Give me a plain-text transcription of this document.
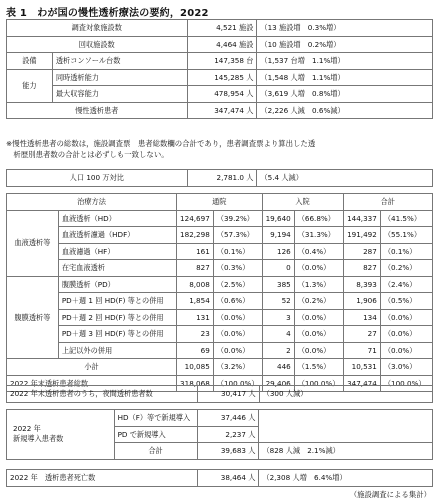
表 1　わが国の慢性透析療法の要約，2022
調査対象施設数		4,521 施設	（13 施設増　0.3%増）
回収施設数		4,464 施設	（10 施設増　0.2%増）
設備	透析コンソール台数	147,358 台	（1,537 台増　1.1%増）
能力	同時透析能力	145,285 人	（1,548 人増　1.1%増）
	最大収容能力	478,954 人	（3,619 人増　0.8%増）
慢性透析患者		347,474 人	（2,226 人減　0.6%減）
※慢性透析患者の総数は，施設調査票　患者総数欄の合計であり，患者調査票より算出した透
　析歴別患者数の合計とは必ずしも一致しない。
人口 100 万対比	2,781.0 人	（5.4 人減）
治療方法		通院		入院		合計	
血液透析等	血液透析（HD）	124,697	（39.2%）	19,640	（66.8%）	144,337	（41.5%）
	血液透析濾過（HDF）	182,298	（57.3%）	9,194	（31.3%）	191,492	（55.1%）
	血液濾過（HF）	161	（0.1%）	126	（0.4%）	287	（0.1%）
	在宅血液透析	827	（0.3%）	0	（0.0%）	827	（0.2%）
腹膜透析等	腹膜透析（PD）	8,008	（2.5%）	385	（1.3%）	8,393	（2.4%）
	PD＋週 1 回 HD(F) 等との併用	1,854	（0.6%）	52	（0.2%）	1,906	（0.5%）
	PD＋週 2 回 HD(F) 等との併用	131	（0.0%）	3	（0.0%）	134	（0.0%）
	PD＋週 3 回 HD(F) 等との併用	23	（0.0%）	4	（0.0%）	27	（0.0%）
	上記以外の併用	69	（0.0%）	2	（0.0%）	71	（0.0%）
小計		10,085	（3.2%）	446	（1.5%）	10,531	（3.0%）
2022 年末透析患者総数		318,068	（100.0%）	29,406	（100.0%）	347,474	（100.0%）
2022 年末透析患者のうち，夜間透析患者数	30,417 人	（300 人減）
2022 年
新規導入患者数	HD（F）等で新規導入	37,446 人	
	PD で新規導入	2,237 人	
	合計	39,683 人	（828 人減　2.1%減）
2022 年　透析患者死亡数	38,464 人	（2,308 人増　6.4%増）
（施設調査による集計）
